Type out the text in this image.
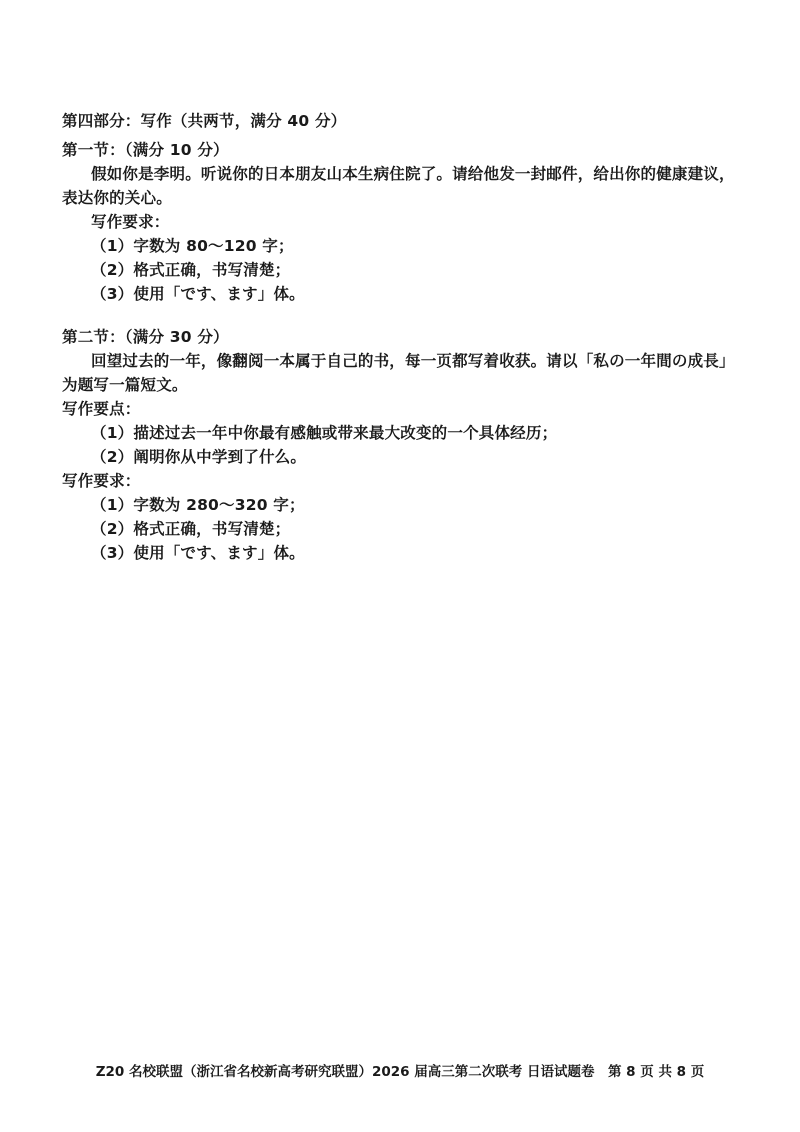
第四部分：写作（共两节，满分 40 分）
第一节：（满分 10 分）
假如你是李明。听说你的日本朋友山本生病住院了。请给他发一封邮件，给出你的健康建议，
表达你的关心。
写作要求：
（1）字数为 80～120 字；
（2）格式正确，书写清楚；
（3）使用「です、ます」体。
第二节：（满分 30 分）
回望过去的一年，像翻阅一本属于自己的书，每一页都写着收获。请以「私の一年間の成長」
为题写一篇短文。
写作要点：
（1）描述过去一年中你最有感触或带来最大改变的一个具体经历；
（2）阐明你从中学到了什么。
写作要求：
（1）字数为 280～320 字；
（2）格式正确，书写清楚；
（3）使用「です、ます」体。
Z20 名校联盟（浙江省名校新高考研究联盟）2026 届高三第二次联考 日语试题卷　第 8 页 共 8 页
